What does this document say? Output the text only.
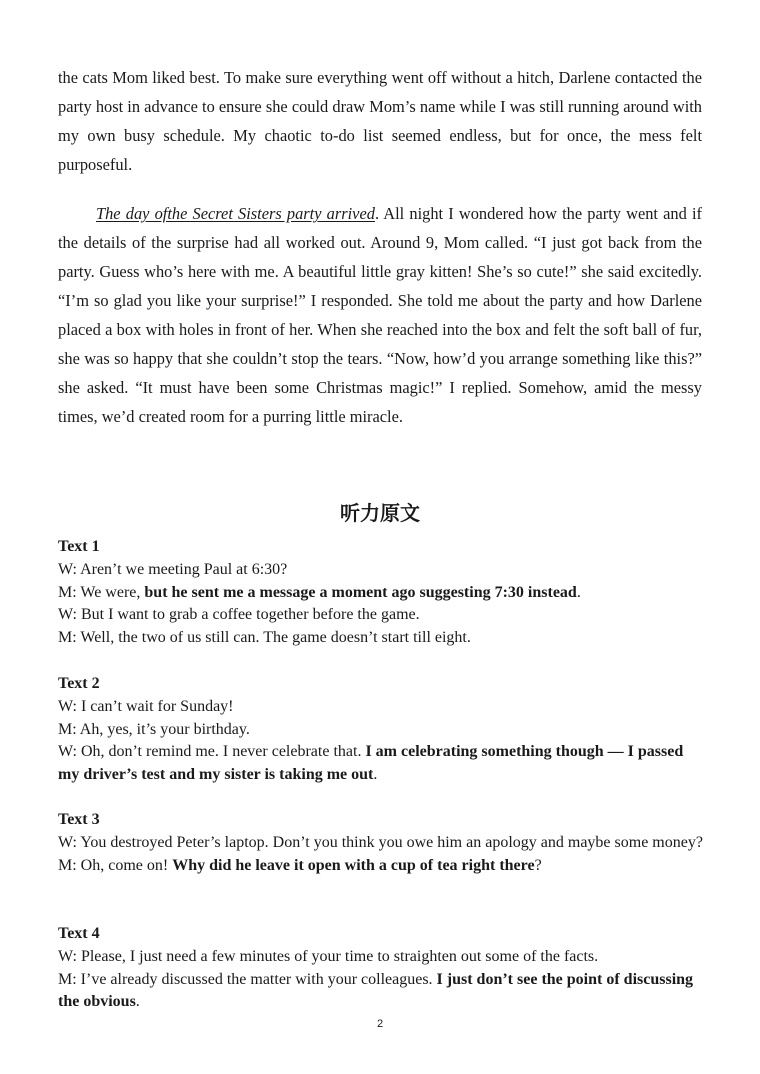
the cats Mom liked best. To make sure everything went off without a hitch, Darlene contacted the party host in advance to ensure she could draw Mom’s name while I was still running around with my own busy schedule. My chaotic to-do list seemed endless, but for once, the mess felt purposeful.

The day ofthe Secret Sisters party arrived. All night I wondered how the party went and if the details of the surprise had all worked out. Around 9, Mom called. “I just got back from the party. Guess who’s here with me. A beautiful little gray kitten! She’s so cute!” she said excitedly. “I’m so glad you like your surprise!” I responded. She told me about the party and how Darlene placed a box with holes in front of her. When she reached into the box and felt the soft ball of fur, she was so happy that she couldn’t stop the tears. “Now, how’d you arrange something like this?” she asked. “It must have been some Christmas magic!” I replied. Somehow, amid the messy times, we’d created room for a purring little miracle.

听力原文

Text 1

W: Aren’t we meeting Paul at 6:30?

M: We were, but he sent me a message a moment ago suggesting 7:30 instead.

W: But I want to grab a coffee together before the game.

M: Well, the two of us still can. The game doesn’t start till eight.

Text 2

W: I can’t wait for Sunday!

M: Ah, yes, it’s your birthday.

W: Oh, don’t remind me. I never celebrate that. I am celebrating something though — I passed my driver’s test and my sister is taking me out.

Text 3

W: You destroyed Peter’s laptop. Don’t you think you owe him an apology and maybe some money?

M: Oh, come on! Why did he leave it open with a cup of tea right there?

Text 4

W: Please, I just need a few minutes of your time to straighten out some of the facts.

M: I’ve already discussed the matter with your colleagues. I just don’t see the point of discussing the obvious.

2
